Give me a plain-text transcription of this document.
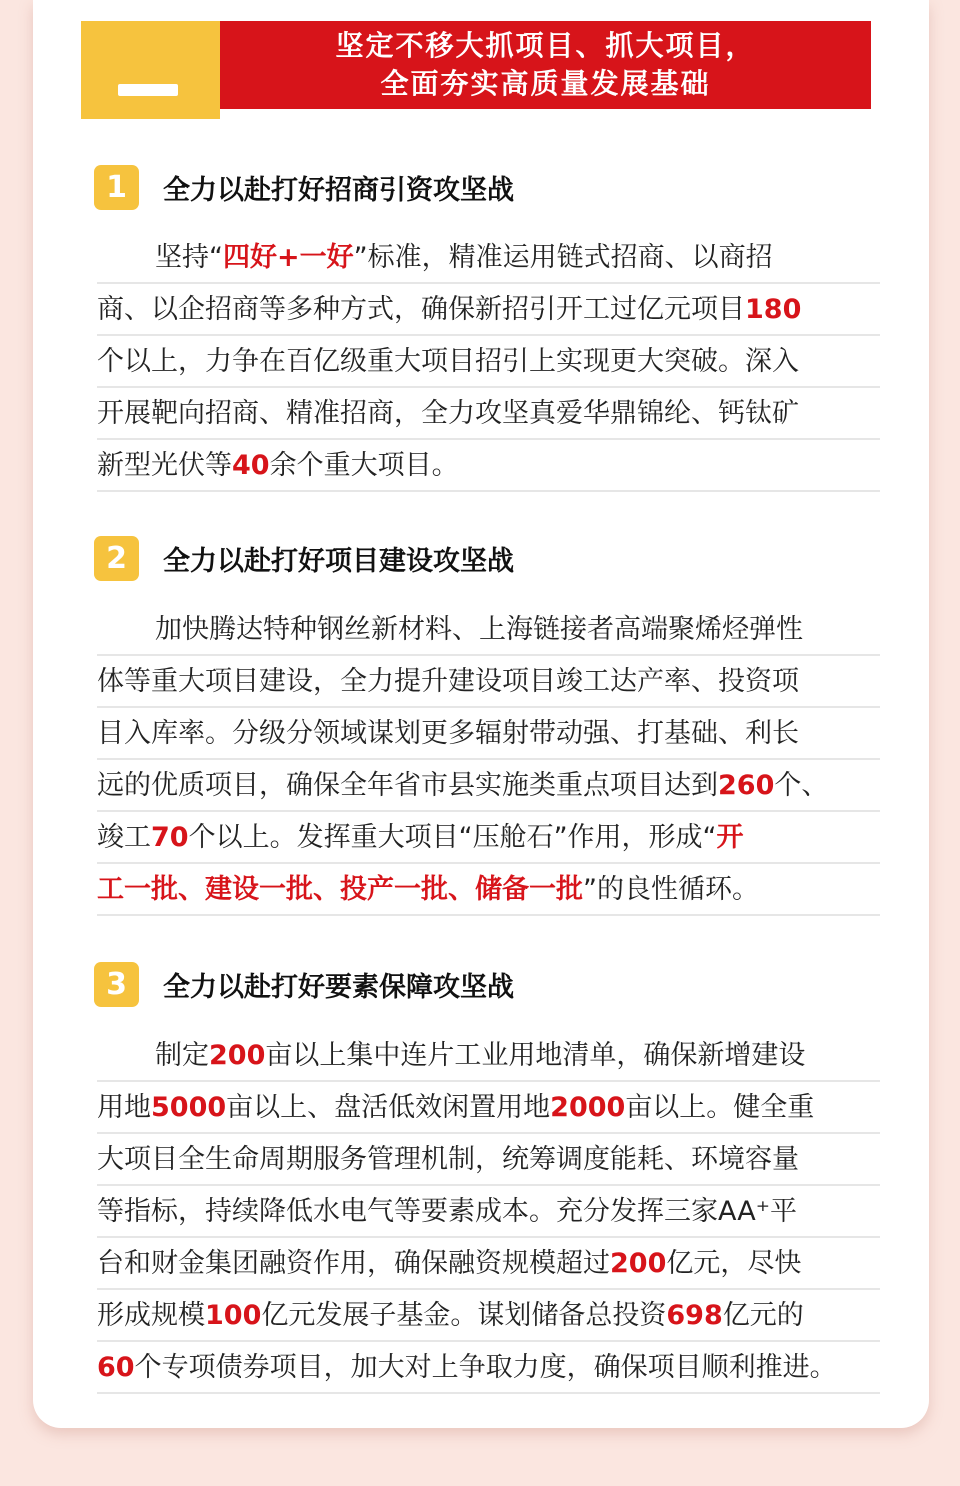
坚定不移大抓项目、抓大项目，
全面夯实高质量发展基础
1	全力以赴打好招商引资攻坚战
坚持“四好+一好”标准，精准运用链式招商、以商招
商、以企招商等多种方式，确保新招引开工过亿元项目180
个以上，力争在百亿级重大项目招引上实现更大突破。深入
开展靶向招商、精准招商，全力攻坚真爱华鼎锦纶、钙钛矿
新型光伏等40余个重大项目。
2	全力以赴打好项目建设攻坚战
加快腾达特种钢丝新材料、上海链接者高端聚烯烃弹性
体等重大项目建设，全力提升建设项目竣工达产率、投资项
目入库率。分级分领域谋划更多辐射带动强、打基础、利长
远的优质项目，确保全年省市县实施类重点项目达到260个、
竣工70个以上。发挥重大项目“压舱石”作用，形成“开
工一批、建设一批、投产一批、储备一批”的良性循环。
3	全力以赴打好要素保障攻坚战
制定200亩以上集中连片工业用地清单，确保新增建设
用地5000亩以上、盘活低效闲置用地2000亩以上。健全重
大项目全生命周期服务管理机制，统筹调度能耗、环境容量
等指标，持续降低水电气等要素成本。充分发挥三家AA⁺平
台和财金集团融资作用，确保融资规模超过200亿元，尽快
形成规模100亿元发展子基金。谋划储备总投资698亿元的
60个专项债券项目，加大对上争取力度，确保项目顺利推进。
